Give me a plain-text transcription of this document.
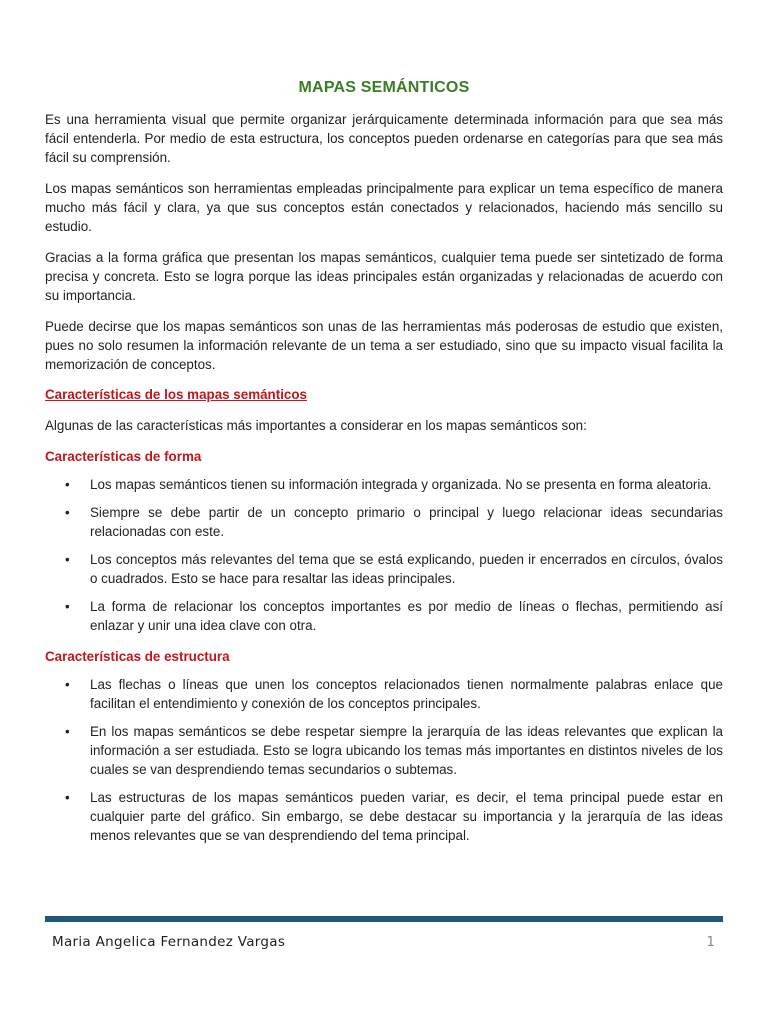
MAPAS SEMÁNTICOS

Es una herramienta visual que permite organizar jerárquicamente determinada información para que sea más fácil entenderla. Por medio de esta estructura, los conceptos pueden ordenarse en categorías para que sea más fácil su comprensión.

Los mapas semánticos son herramientas empleadas principalmente para explicar un tema específico de manera mucho más fácil y clara, ya que sus conceptos están conectados y relacionados, haciendo más sencillo su estudio.

Gracias a la forma gráfica que presentan los mapas semánticos, cualquier tema puede ser sintetizado de forma precisa y concreta. Esto se logra porque las ideas principales están organizadas y relacionadas de acuerdo con su importancia.

Puede decirse que los mapas semánticos son unas de las herramientas más poderosas de estudio que existen, pues no solo resumen la información relevante de un tema a ser estudiado, sino que su impacto visual facilita la memorización de conceptos.

Características de los mapas semánticos

Algunas de las características más importantes a considerar en los mapas semánticos son:

Características de forma
• Los mapas semánticos tienen su información integrada y organizada. No se presenta en forma aleatoria.
• Siempre se debe partir de un concepto primario o principal y luego relacionar ideas secundarias relacionadas con este.
• Los conceptos más relevantes del tema que se está explicando, pueden ir encerrados en círculos, óvalos o cuadrados. Esto se hace para resaltar las ideas principales.
• La forma de relacionar los conceptos importantes es por medio de líneas o flechas, permitiendo así enlazar y unir una idea clave con otra.
Características de estructura
• Las flechas o líneas que unen los conceptos relacionados tienen normalmente palabras enlace que facilitan el entendimiento y conexión de los conceptos principales.
• En los mapas semánticos se debe respetar siempre la jerarquía de las ideas relevantes que explican la información a ser estudiada. Esto se logra ubicando los temas más importantes en distintos niveles de los cuales se van desprendiendo temas secundarios o subtemas.
• Las estructuras de los mapas semánticos pueden variar, es decir, el tema principal puede estar en cualquier parte del gráfico. Sin embargo, se debe destacar su importancia y la jerarquía de las ideas menos relevantes que se van desprendiendo del tema principal.
Maria Angelica Fernandez Vargas	1
